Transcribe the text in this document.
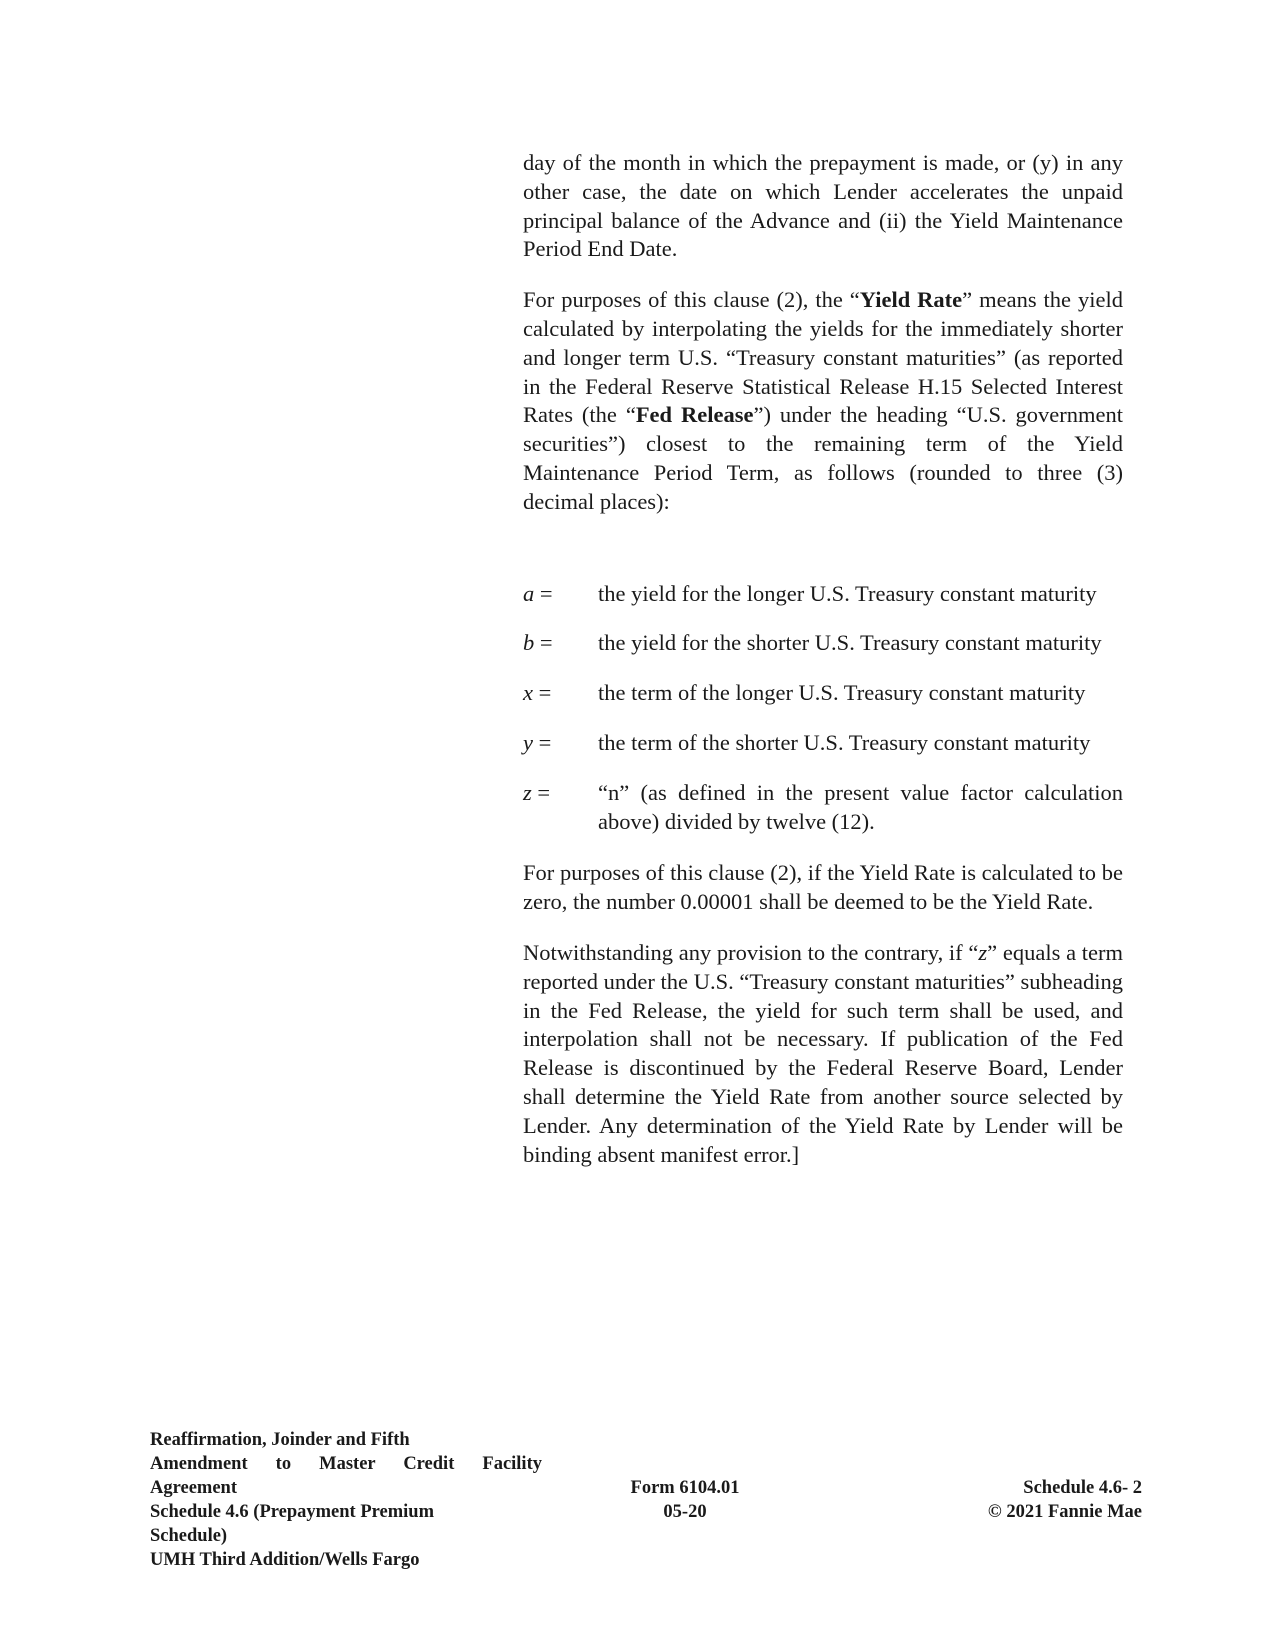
day of the month in which the prepayment is made, or (y) in any other case, the date on which Lender accelerates the unpaid principal balance of the Advance and (ii) the Yield Maintenance Period End Date.

For purposes of this clause (2), the “Yield Rate” means the yield calculated by interpolating the yields for the immediately shorter and longer term U.S. “Treasury constant maturities” (as reported in the Federal Reserve Statistical Release H.15 Selected Interest Rates (the “Fed Release”) under the heading “U.S. government securities”) closest to the remaining term of the Yield Maintenance Period Term, as follows (rounded to three (3) decimal places):

a =	the yield for the longer U.S. Treasury constant maturity
b =	the yield for the shorter U.S. Treasury constant maturity
x =	the term of the longer U.S. Treasury constant maturity
y =	the term of the shorter U.S. Treasury constant maturity
z =	“n” (as defined in the present value factor calculation above) divided by twelve (12).

For purposes of this clause (2), if the Yield Rate is calculated to be zero, the number 0.00001 shall be deemed to be the Yield Rate.

Notwithstanding any provision to the contrary, if “z” equals a term reported under the U.S. “Treasury constant maturities” subheading in the Fed Release, the yield for such term shall be used, and interpolation shall not be necessary. If publication of the Fed Release is discontinued by the Federal Reserve Board, Lender shall determine the Yield Rate from another source selected by Lender. Any determination of the Yield Rate by Lender will be binding absent manifest error.]

Reaffirmation, Joinder and Fifth
Amendment to Master Credit Facility
Agreement
Schedule 4.6 (Prepayment Premium
Schedule)
UMH Third Addition/Wells Fargo
Form 6104.01
05-20
Schedule 4.6- 2
© 2021 Fannie Mae
